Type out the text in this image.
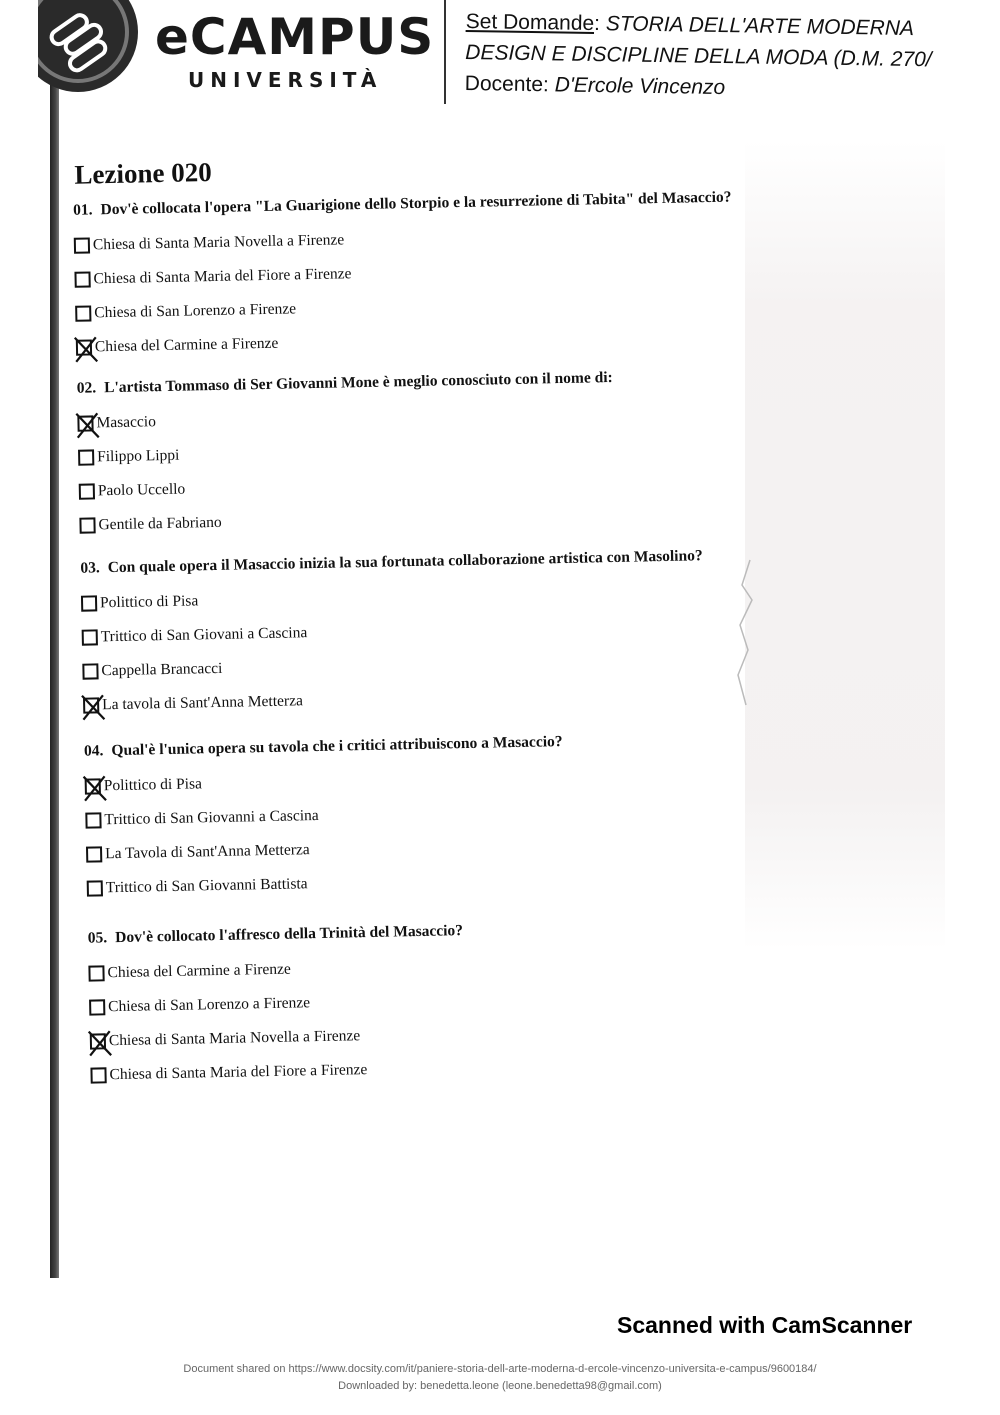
eCAMPUS
UNIVERSITÀ
Set Domande: STORIA DELL'ARTE MODERNA
DESIGN E DISCIPLINE DELLA MODA (D.M. 270/
Docente: D'Ercole Vincenzo
Lezione 020
01. Dov'è collocata l'opera "La Guarigione dello Storpio e la resurrezione di Tabita" del Masaccio?
Chiesa di Santa Maria Novella a Firenze
Chiesa di Santa Maria del Fiore a Firenze
Chiesa di San Lorenzo a Firenze
Chiesa del Carmine a Firenze
02. L'artista Tommaso di Ser Giovanni Mone è meglio conosciuto con il nome di:
Masaccio
Filippo Lippi
Paolo Uccello
Gentile da Fabriano
03. Con quale opera il Masaccio inizia la sua fortunata collaborazione artistica con Masolino?
Polittico di Pisa
Trittico di San Giovani a Cascina
Cappella Brancacci
La tavola di Sant'Anna Metterza
04. Qual'è l'unica opera su tavola che i critici attribuiscono a Masaccio?
Polittico di Pisa
Trittico di San Giovanni a Cascina
La Tavola di Sant'Anna Metterza
Trittico di San Giovanni Battista
05. Dov'è collocato l'affresco della Trinità del Masaccio?
Chiesa del Carmine a Firenze
Chiesa di San Lorenzo a Firenze
Chiesa di Santa Maria Novella a Firenze
Chiesa di Santa Maria del Fiore a Firenze
Scanned with CamScanner
Document shared on https://www.docsity.com/it/paniere-storia-dell-arte-moderna-d-ercole-vincenzo-universita-e-campus/9600184/
Downloaded by: benedetta.leone (leone.benedetta98@gmail.com)
